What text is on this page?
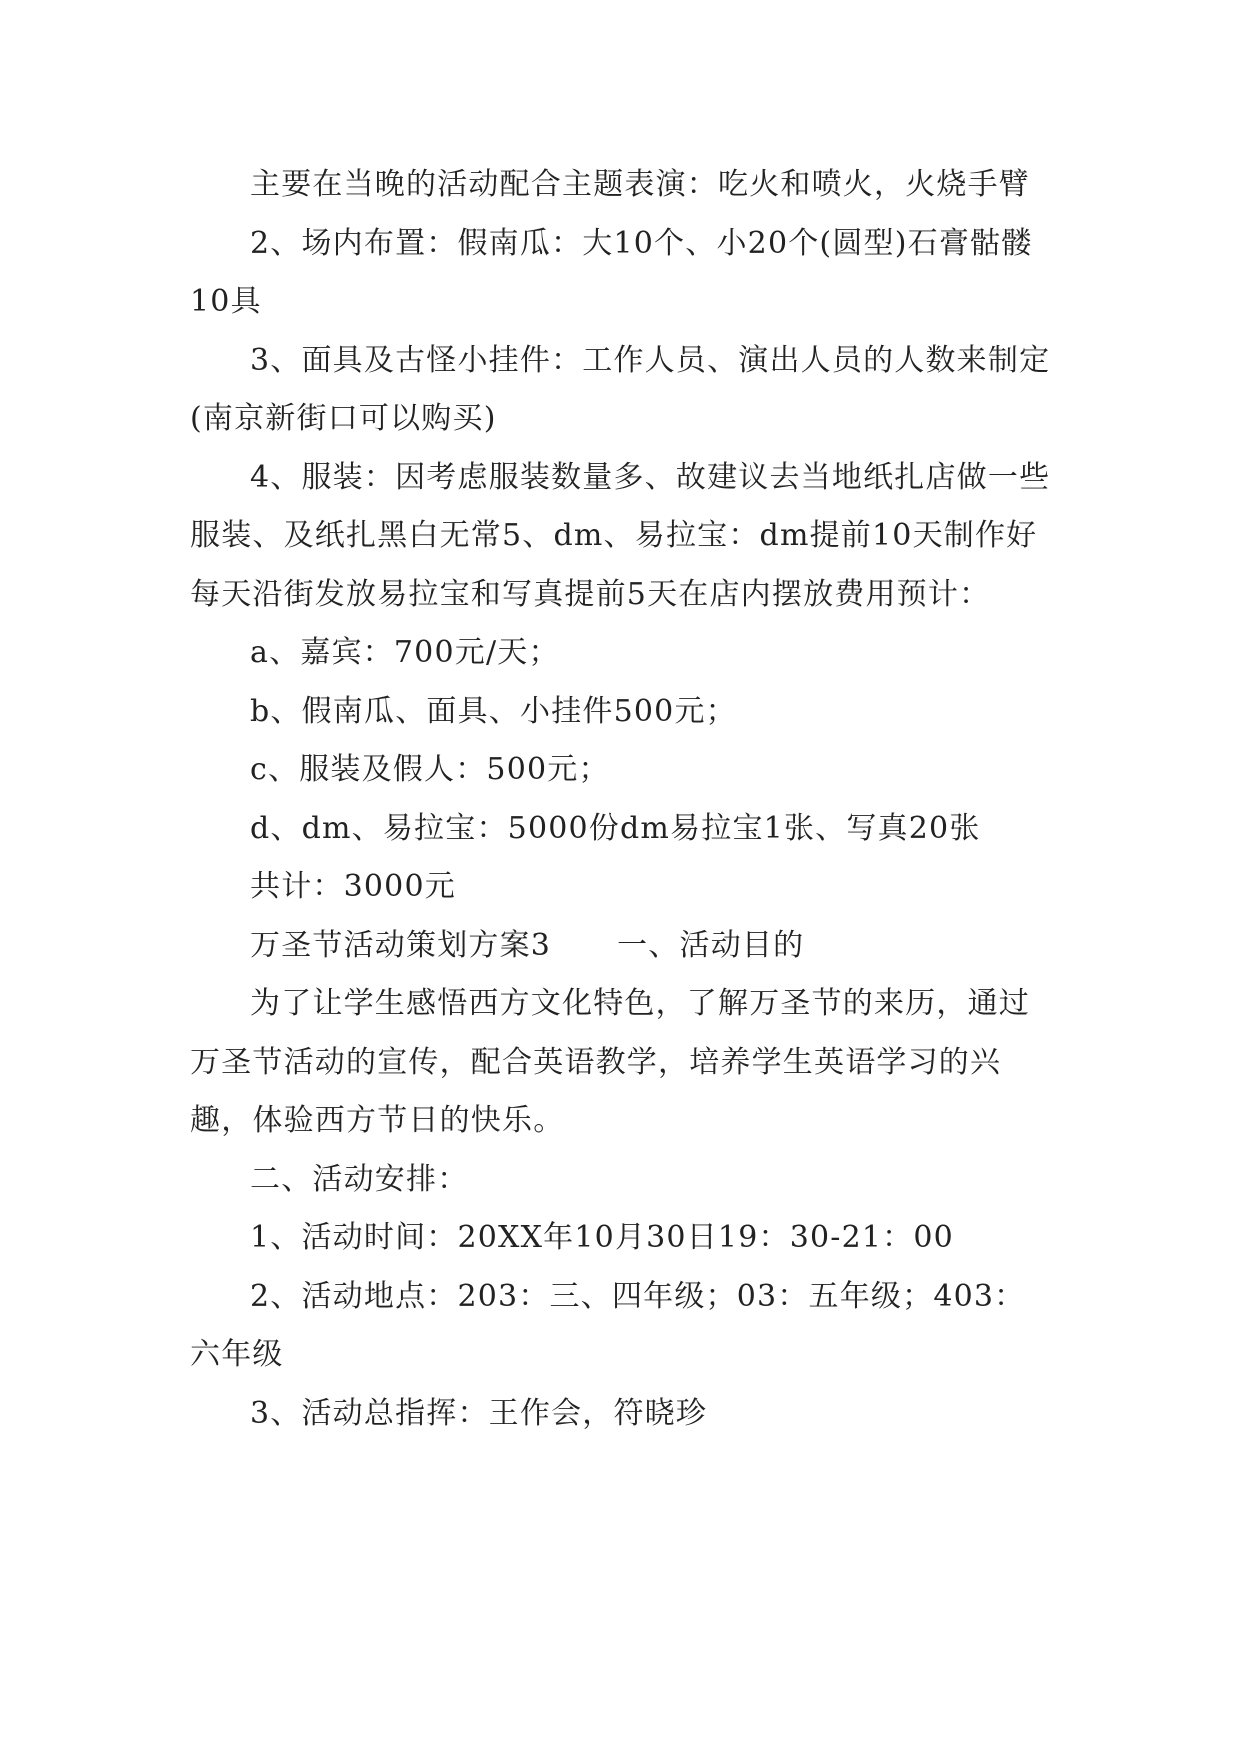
主要在当晚的活动配合主题表演：吃火和喷火，火烧手臂

2、场内布置：假南瓜：大10个、小20个(圆型)石膏骷髅10具

3、面具及古怪小挂件：工作人员、演出人员的人数来制定(南京新街口可以购买)

4、服装：因考虑服装数量多、故建议去当地纸扎店做一些服装、及纸扎黑白无常5、dm、易拉宝：dm提前10天制作好每天沿街发放易拉宝和写真提前5天在店内摆放费用预计：

a、嘉宾：700元/天；

b、假南瓜、面具、小挂件500元；

c、服装及假人：500元；

d、dm、易拉宝：5000份dm易拉宝1张、写真20张

共计：3000元

万圣节活动策划方案3 一、活动目的

为了让学生感悟西方文化特色，了解万圣节的来历，通过万圣节活动的宣传，配合英语教学，培养学生英语学习的兴趣，体验西方节日的快乐。

二、活动安排：

1、活动时间：20XX年10月30日19：30-21：00

2、活动地点：203：三、四年级；03：五年级；403：六年级

3、活动总指挥：王作会，符晓珍
